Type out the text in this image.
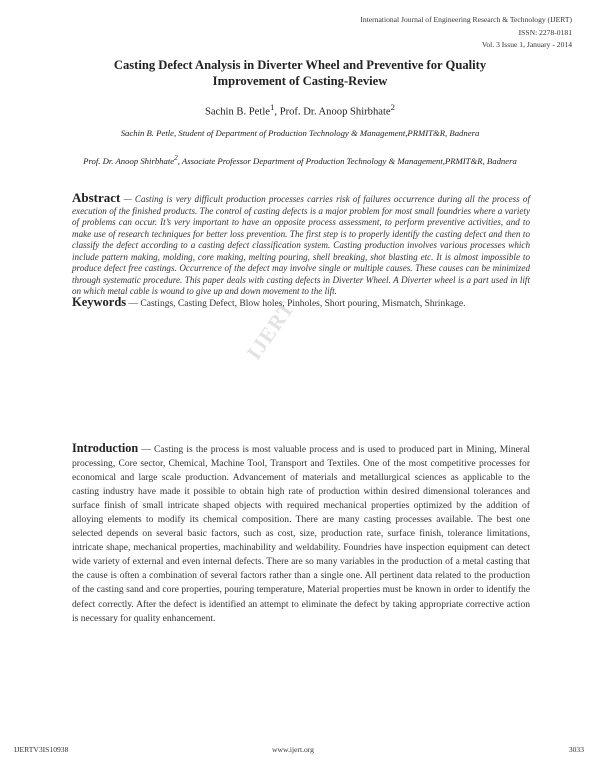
International Journal of Engineering Research & Technology (IJERT)
ISSN: 2278-0181
Vol. 3 Issue 1, January - 2014
Casting Defect Analysis in Diverter Wheel and Preventive for Quality
Improvement of Casting-Review
Sachin B. Petle$^1$, Prof. Dr. Anoop Shirbhate$^2$
Sachin B. Petle, Student of Department of Production Technology & Management,PRMIT&R, Badnera
Prof. Dr. Anoop Shirbhate$^2$, Associate Professor Department of Production Technology & Management,PRMIT&R, Badnera
Abstract — Casting is very difficult production processes carries risk of failures occurrence during all the process of execution of the finished products. The control of casting defects is a major problem for most small foundries where a variety of problems can occur. It’s very important to have an opposite process assessment, to perform preventive activities, and to make use of research techniques for better loss prevention. The first step is to properly identify the casting defect and then to classify the defect according to a casting defect classification system. Casting production involves various processes which include pattern making, molding, core making, melting pouring, shell breaking, shot blasting etc. It is almost impossible to produce defect free castings. Occurrence of the defect may involve single or multiple causes. These causes can be minimized through systematic procedure. This paper deals with casting defects in Diverter Wheel. A Diverter wheel is a part used in lift on which metal cable is wound to give up and down movement to the lift.
Keywords — Castings, Casting Defect, Blow holes, Pinholes, Short pouring, Mismatch, Shrinkage.
IJERT
Introduction — Casting is the process is most valuable process and is used to produced part in Mining, Mineral processing, Core sector, Chemical, Machine Tool, Transport and Textiles. One of the most competitive processes for economical and large scale production. Advancement of materials and metallurgical sciences as applicable to the casting industry have made it possible to obtain high rate of production within desired dimensional tolerances and surface finish of small intricate shaped objects with required mechanical properties optimized by the addition of alloying elements to modify its chemical composition. There are many casting processes available. The best one selected depends on several basic factors, such as cost, size, production rate, surface finish, tolerance limitations, intricate shape, mechanical properties, machinability and weldability. Foundries have inspection equipment can detect wide variety of external and even internal defects. There are so many variables in the production of a metal casting that the cause is often a combination of several factors rather than a single one. All pertinent data related to the production of the casting sand and core properties, pouring temperature, Material properties must be known in order to identify the defect correctly. After the defect is identified an attempt to eliminate the defect by taking appropriate corrective action is necessary for quality enhancement.
IJERTV3IS10938	www.ijert.org	3033
